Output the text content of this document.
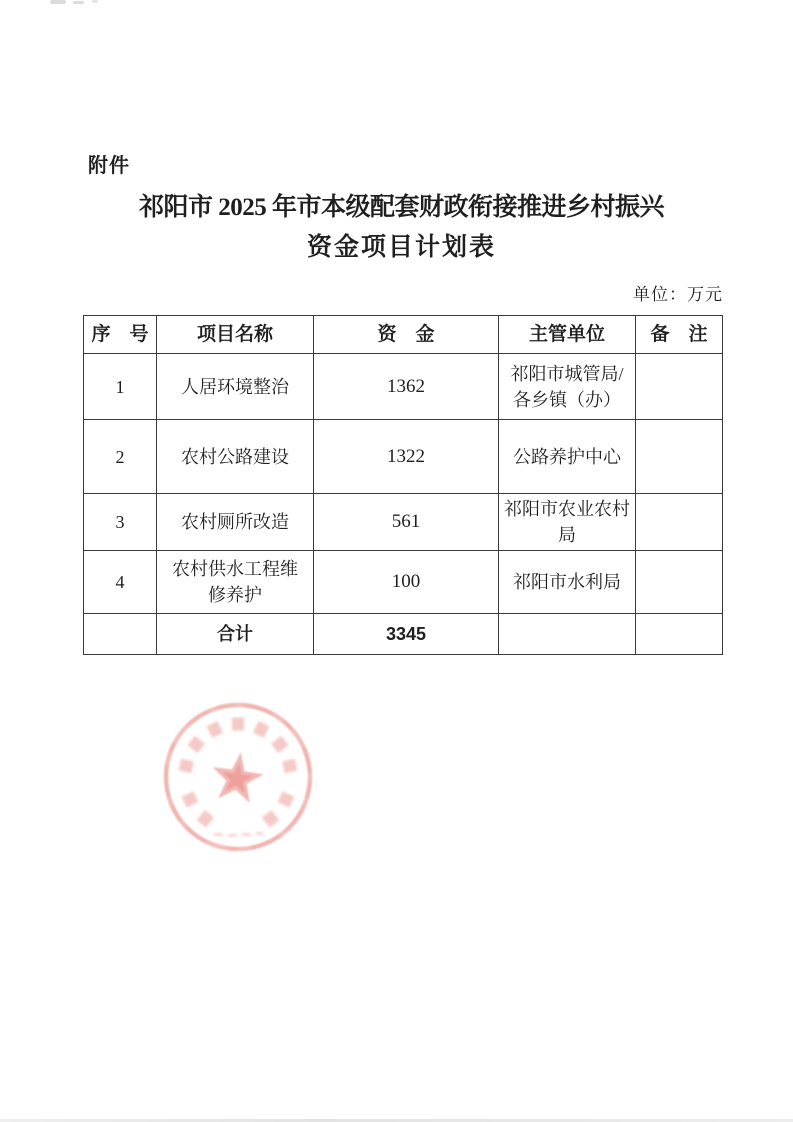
附件
祁阳市 2025 年市本级配套财政衔接推进乡村振兴
资金项目计划表
单位：万元
序　号	项目名称	资　金	主管单位	备　注
1	人居环境整治	1362	祁阳市城管局/各乡镇（办）	
2	农村公路建设	1322	公路养护中心	
3	农村厕所改造	561	祁阳市农业农村局	
4	农村供水工程维修养护	100	祁阳市水利局	
	合计	3345		
